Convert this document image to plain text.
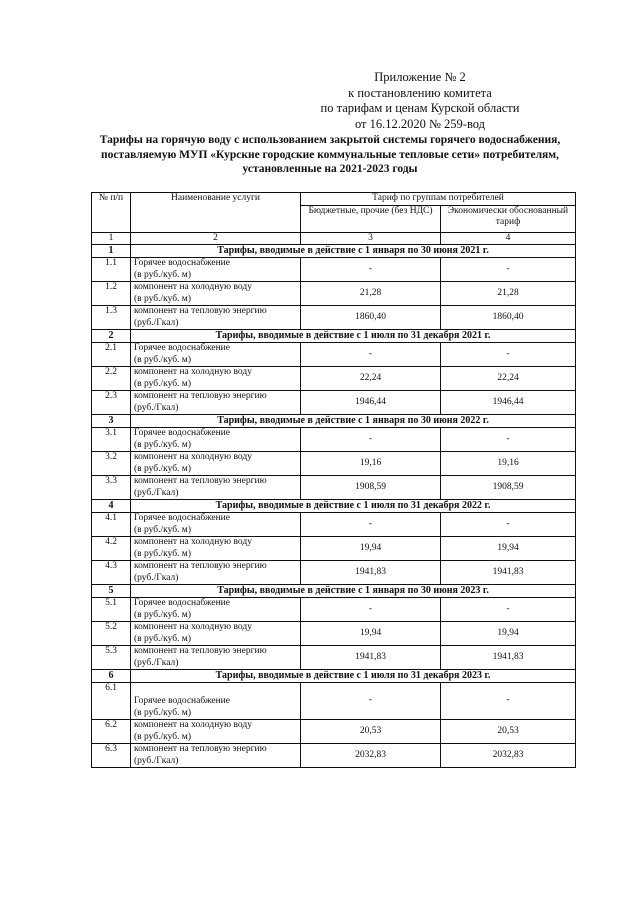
Приложение № 2
к постановлению комитета
по тарифам и ценам Курской области
от 16.12.2020 № 259-вод
Тарифы на горячую воду с использованием закрытой системы горячего водоснабжения,
поставляемую МУП «Курские городские коммунальные тепловые сети» потребителям,
установленные на 2021-2023 годы
№ п/п	Наименование услуги	Тариф по группам потребителей	
		Бюджетные, прочие (без НДС)	Экономически обоснованный тариф
1	2	3	4
1	Тарифы, вводимые в действие с 1 января по 30 июня 2021 г.		
1.1	Горячее водоснабжение
(в руб./куб. м)	-	-
1.2	компонент на холодную воду
(в руб./куб. м)	21,28	21,28
1.3	компонент на тепловую энергию
(руб./Гкал)	1860,40	1860,40
2	Тарифы, вводимые в действие с 1 июля по 31 декабря 2021 г.		
2.1	Горячее водоснабжение
(в руб./куб. м)	-	-
2.2	компонент на холодную воду
(в руб./куб. м)	22,24	22,24
2.3	компонент на тепловую энергию
(руб./Гкал)	1946,44	1946,44
3	Тарифы, вводимые в действие с 1 января по 30 июня 2022 г.		
3.1	Горячее водоснабжение
(в руб./куб. м)	-	-
3.2	компонент на холодную воду
(в руб./куб. м)	19,16	19,16
3.3	компонент на тепловую энергию
(руб./Гкал)	1908,59	1908,59
4	Тарифы, вводимые в действие с 1 июля по 31 декабря 2022 г.		
4.1	Горячее водоснабжение
(в руб./куб. м)	-	-
4.2	компонент на холодную воду
(в руб./куб. м)	19,94	19,94
4.3	компонент на тепловую энергию
(руб./Гкал)	1941,83	1941,83
5	Тарифы, вводимые в действие с 1 января по 30 июня 2023 г.		
5.1	Горячее водоснабжение
(в руб./куб. м)	-	-
5.2	компонент на холодную воду
(в руб./куб. м)	19,94	19,94
5.3	компонент на тепловую энергию
(руб./Гкал)	1941,83	1941,83
6	Тарифы, вводимые в действие с 1 июля по 31 декабря 2023 г.		
6.1	Горячее водоснабжение
(в руб./куб. м)	-	-
6.2	компонент на холодную воду
(в руб./куб. м)	20,53	20,53
6.3	компонент на тепловую энергию
(руб./Гкал)	2032,83	2032,83
